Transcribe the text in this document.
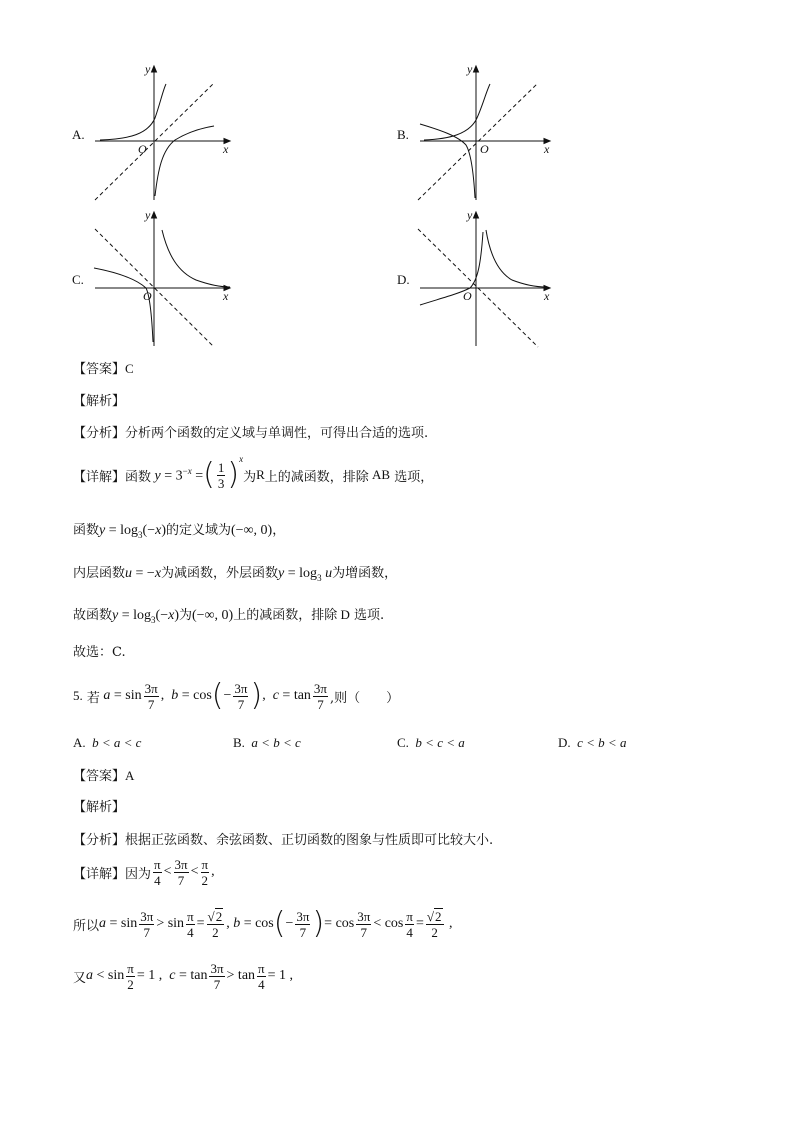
A.
y
x
O
B.
y
x
O
C.
y
x
O
D.
y
x
O
【答案】C
【解析】
【分析】分析两个函数的定义域与单调性，可得出合适的选项.
【详解】 函数 $y = 3^{-x}$ = ( $\frac{1}{3}$ ) x
为 R 上的减函数，排除
AB
选项，
函数$y = \log_3(-x)$的定义域为(−∞, 0)，
内层函数u = −x为减函数，外层函数$y = \log_3 u$为增函数，
故函数$y = \log_3(-x)$为(−∞, 0)上的减函数，排除 D 选项.
故选：C.
5.
若 $a = \sin \frac{3\pi}{7}$ ,  b = cos ( − $\frac{3\pi}{7}$ ) ,  $c = \tan \frac{3\pi}{7}$ ,则（　　）
A. b < a < c	B. a < b < c	C. b < c < a	D. c < b < a
【答案】A
【解析】
【分析】根据正弦函数、余弦函数、正切函数的图象与性质即可比较大小.
【详解】 因为 $\frac{\pi}{4} < \frac{3\pi}{7} < \frac{\pi}{2}$ ,
所以 $a = \sin \frac{3\pi}{7} > \sin \frac{\pi}{4} = \frac{√2}{2}$ , b = cos ( − $\frac{3\pi}{7}$ ) = $\cos \frac{3\pi}{7} < \cos \frac{\pi}{4} = \frac{√2}{2}$ ,
又 $a < \sin \frac{\pi}{2} = 1$ ,  $c = \tan \frac{3\pi}{7} > \tan \frac{\pi}{4} = 1$ ,
